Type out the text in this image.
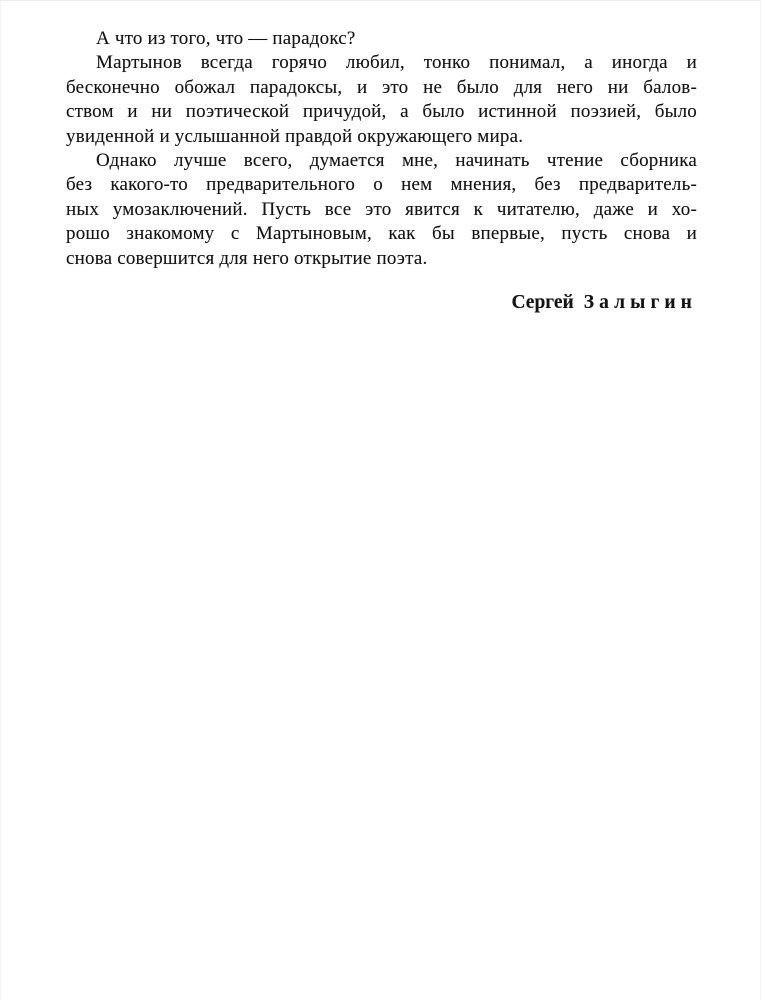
А что из того, что — парадокс?
Мартынов всегда горячо любил, тонко понимал, а иногда и
бесконечно обожал парадоксы, и это не было для него ни балов-
ством и ни поэтической причудой, а было истинной поэзией, было
увиденной и услышанной правдой окружающего мира.
Однако лучше всего, думается мне, начинать чтение сборника
без какого-то предварительного о нем мнения, без предваритель-
ных умозаключений. Пусть все это явится к читателю, даже и хо-
рошо знакомому с Мартыновым, как бы впервые, пусть снова и
снова совершится для него открытие поэта.
Сергей Залыгин
